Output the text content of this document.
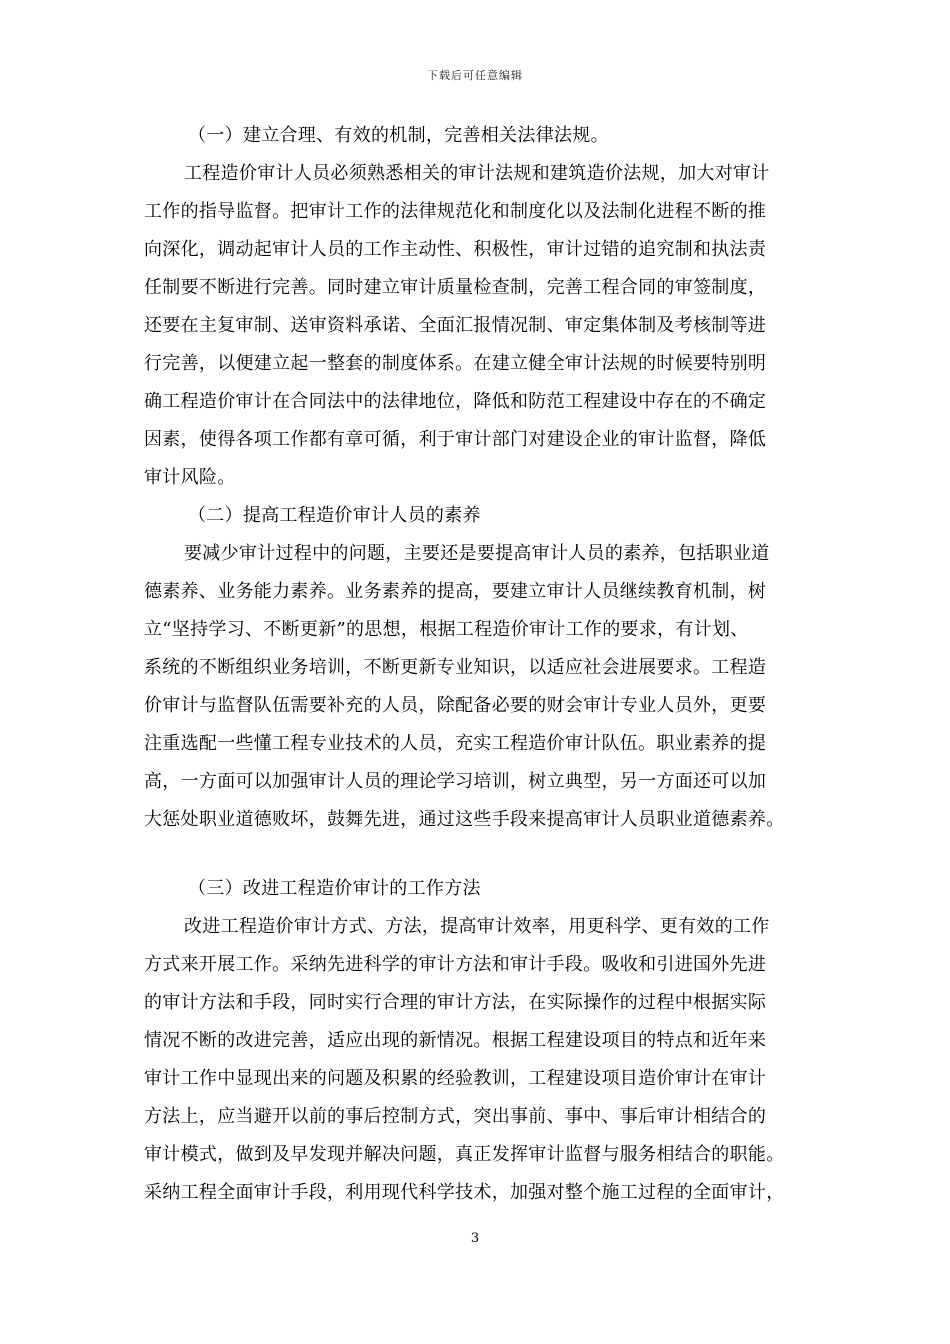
下载后可任意编辑
（一）建立合理、有效的机制，完善相关法律法规。
工程造价审计人员必须熟悉相关的审计法规和建筑造价法规，加大对审计
工作的指导监督。把审计工作的法律规范化和制度化以及法制化进程不断的推
向深化，调动起审计人员的工作主动性、积极性，审计过错的追究制和执法责
任制要不断进行完善。同时建立审计质量检查制，完善工程合同的审签制度，
还要在主复审制、送审资料承诺、全面汇报情况制、审定集体制及考核制等进
行完善，以便建立起一整套的制度体系。在建立健全审计法规的时候要特别明
确工程造价审计在合同法中的法律地位，降低和防范工程建设中存在的不确定
因素，使得各项工作都有章可循，利于审计部门对建设企业的审计监督，降低
审计风险。
（二）提高工程造价审计人员的素养
要减少审计过程中的问题，主要还是要提高审计人员的素养，包括职业道
德素养、业务能力素养。业务素养的提高，要建立审计人员继续教育机制，树
立“坚持学习、不断更新”的思想，根据工程造价审计工作的要求，有计划、
系统的不断组织业务培训，不断更新专业知识，以适应社会进展要求。工程造
价审计与监督队伍需要补充的人员，除配备必要的财会审计专业人员外，更要
注重选配一些懂工程专业技术的人员，充实工程造价审计队伍。职业素养的提
高，一方面可以加强审计人员的理论学习培训，树立典型，另一方面还可以加
大惩处职业道德败坏，鼓舞先进，通过这些手段来提高审计人员职业道德素养。
（三）改进工程造价审计的工作方法
改进工程造价审计方式、方法，提高审计效率，用更科学、更有效的工作
方式来开展工作。采纳先进科学的审计方法和审计手段。吸收和引进国外先进
的审计方法和手段，同时实行合理的审计方法，在实际操作的过程中根据实际
情况不断的改进完善，适应出现的新情况。根据工程建设项目的特点和近年来
审计工作中显现出来的问题及积累的经验教训，工程建设项目造价审计在审计
方法上，应当避开以前的事后控制方式，突出事前、事中、事后审计相结合的
审计模式，做到及早发现并解决问题，真正发挥审计监督与服务相结合的职能。
采纳工程全面审计手段，利用现代科学技术，加强对整个施工过程的全面审计，
3
